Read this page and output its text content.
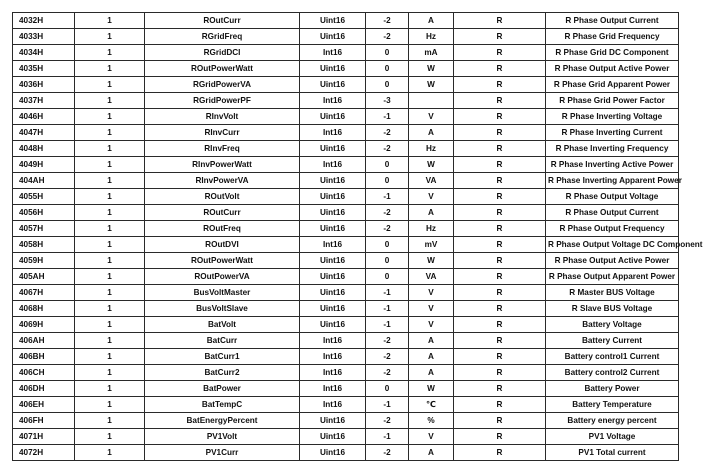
4032H	1	ROutCurr	Uint16	-2	A	R	R Phase Output Current
4033H	1	RGridFreq	Uint16	-2	Hz	R	R Phase Grid Frequency
4034H	1	RGridDCI	Int16	0	mA	R	R Phase Grid DC Component
4035H	1	ROutPowerWatt	Uint16	0	W	R	R Phase Output Active Power
4036H	1	RGridPowerVA	Uint16	0	W	R	R Phase Grid Apparent Power
4037H	1	RGridPowerPF	Int16	-3		R	R Phase Grid Power Factor
4046H	1	RInvVolt	Uint16	-1	V	R	R Phase Inverting Voltage
4047H	1	RInvCurr	Int16	-2	A	R	R Phase Inverting Current
4048H	1	RInvFreq	Uint16	-2	Hz	R	R Phase Inverting Frequency
4049H	1	RInvPowerWatt	Int16	0	W	R	R Phase Inverting Active Power
404AH	1	RInvPowerVA	Uint16	0	VA	R	R Phase Inverting Apparent Power
4055H	1	ROutVolt	Uint16	-1	V	R	R Phase Output Voltage
4056H	1	ROutCurr	Uint16	-2	A	R	R Phase Output Current
4057H	1	ROutFreq	Uint16	-2	Hz	R	R Phase Output Frequency
4058H	1	ROutDVI	Int16	0	mV	R	R Phase Output Voltage DC Component
4059H	1	ROutPowerWatt	Uint16	0	W	R	R Phase Output Active Power
405AH	1	ROutPowerVA	Uint16	0	VA	R	R Phase Output Apparent Power
4067H	1	BusVoltMaster	Uint16	-1	V	R	R Master BUS Voltage
4068H	1	BusVoltSlave	Uint16	-1	V	R	R Slave BUS Voltage
4069H	1	BatVolt	Uint16	-1	V	R	Battery Voltage
406AH	1	BatCurr	Int16	-2	A	R	Battery Current
406BH	1	BatCurr1	Int16	-2	A	R	Battery control1 Current
406CH	1	BatCurr2	Int16	-2	A	R	Battery control2 Current
406DH	1	BatPower	Int16	0	W	R	Battery Power
406EH	1	BatTempC	Int16	-1	℃	R	Battery Temperature
406FH	1	BatEnergyPercent	Uint16	-2	%	R	Battery energy percent
4071H	1	PV1Volt	Uint16	-1	V	R	PV1 Voltage
4072H	1	PV1Curr	Uint16	-2	A	R	PV1 Total current
